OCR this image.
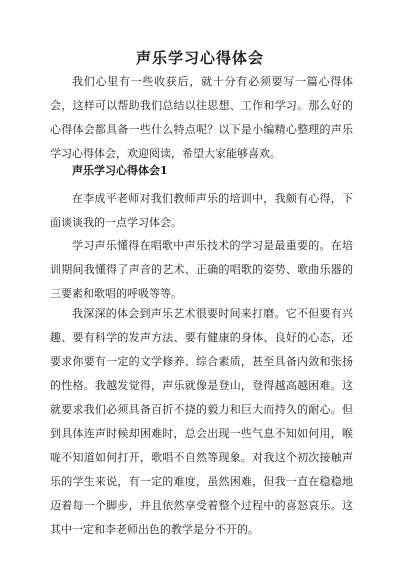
声乐学习心得体会

我们心里有一些收获后，就十分有必须要写一篇心得体会，这样可以帮助我们总结以往思想、工作和学习。那么好的心得体会都具备一些什么特点呢？以下是小编精心整理的声乐学习心得体会，欢迎阅读，希望大家能够喜欢。

声乐学习心得体会1

在李成平老师对我们教师声乐的培训中，我颇有心得，下面谈谈我的一点学习体会。

学习声乐懂得在唱歌中声乐技术的学习是最重要的。在培训期间我懂得了声音的艺术、正确的唱歌的姿势、歌曲乐器的三要素和歌唱的呼吸等等。

我深深的体会到声乐艺术很要时间来打磨。它不但要有兴趣、要有科学的发声方法、要有健康的身体、良好的心态，还要求你要有一定的文学修养、综合素质，甚至具备内敛和张扬的性格。我越发觉得，声乐就像是登山，登得越高越困难。这就要求我们必须具备百折不挠的毅力和巨大而持久的耐心。但到具体连声时候却困难时，总会出现一些气息不知如何用，喉咙不知道如何打开，歌唱不自然等现象。对我这个初次接触声乐的学生来说，有一定的难度，虽然困难，但我一直在稳稳地迈着每一个脚步，并且依然享受着整个过程中的喜怒哀乐。这其中一定和李老师出色的教学是分不开的。
